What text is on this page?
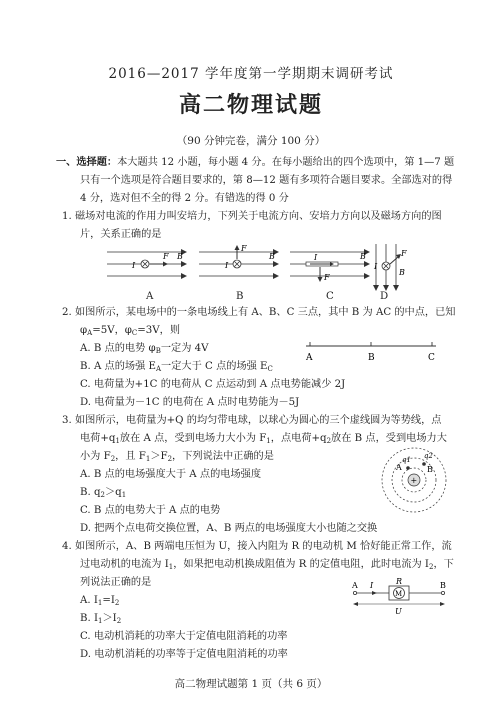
2016—2017 学年度第一学期期末调研考试
高二物理试题
（90 分钟完卷，满分 100 分）
一、选择题：本大题共 12 小题，每小题 4 分。在每小题给出的四个选项中，第 1—7 题
只有一个选项是符合题目要求的，第 8—12 题有多项符合题目要求。全部选对的得
4 分，选对但不全的得 2 分。有错选的得 0 分
1. 磁场对电流的作用力叫安培力，下列关于电流方向、安培力方向以及磁场方向的图
片，关系正确的是
I
F B
A
I
F
B
B
I
F
B
C
I
F
B
D
2. 如图所示，某电场中的一条电场线上有 A、B、C 三点，其中 B 为 AC 的中点，已知
$\varphi_A=5V$，$\varphi_C=3V$，则
A. B 点的电势 $\varphi_B$一定为 4V
B. A 点的场强 $E_A$一定大于 C 点的场强 $E_C$
C. 电荷量为+1C 的电荷从 C 点运动到 A 点电势能减少 2J
D. 电荷量为－1C 的电荷在 A 点时电势能为－5J
A	B	C
3. 如图所示，电荷量为+Q 的均匀带电球，以球心为圆心的三个虚线圆为等势线，点
电荷$+q_1$放在 A 点，受到电场力大小为 $F_1$，点电荷$+q_2$放在 B 点，受到电场力大
小为 $F_2$，且 $F_1>F_2$，下列说法中正确的是
A. B 点的电场强度大于 A 点的电场强度
B. $q_2>q_1$
C. B 点的电势大于 A 点的电势
D. 把两个点电荷交换位置，A、B 两点的电场强度大小也随之交换
+
A	B
q1 q2
4. 如图所示，A、B 两端电压恒为 U，接入内阻为 R 的电动机 M 恰好能正常工作，流
过电动机的电流为 $I_1$，如果把电动机换成阻值为 R 的定值电阻，此时电流为 $I_2$，下
列说法正确的是
A. $I_1=I_2$
B. $I_1>I_2$
C. 电动机消耗的功率大于定值电阻消耗的功率
D. 电动机消耗的功率等于定值电阻消耗的功率
A	B
I
M
R
U
高二物理试题第 1 页（共 6 页）
